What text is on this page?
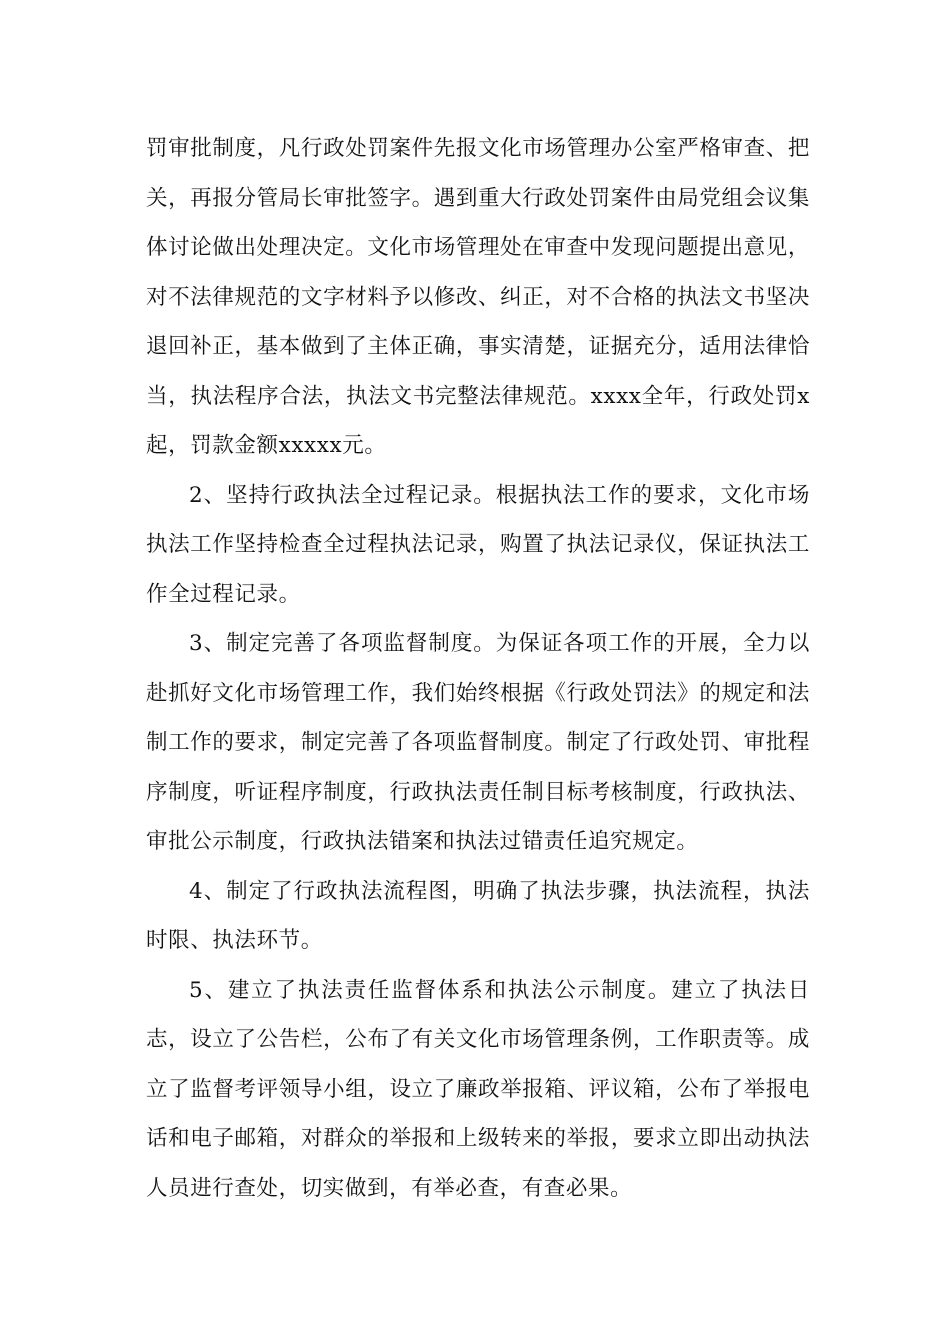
罚审批制度，凡行政处罚案件先报文化市场管理办公室严格审查、把关，再报分管局长审批签字。遇到重大行政处罚案件由局党组会议集体讨论做出处理决定。文化市场管理处在审查中发现问题提出意见，对不法律规范的文字材料予以修改、纠正，对不合格的执法文书坚决退回补正，基本做到了主体正确，事实清楚，证据充分，适用法律恰当，执法程序合法，执法文书完整法律规范。xxxx全年，行政处罚x起，罚款金额xxxxx元。

2、坚持行政执法全过程记录。根据执法工作的要求，文化市场执法工作坚持检查全过程执法记录，购置了执法记录仪，保证执法工作全过程记录。

3、制定完善了各项监督制度。为保证各项工作的开展，全力以赴抓好文化市场管理工作，我们始终根据《行政处罚法》的规定和法制工作的要求，制定完善了各项监督制度。制定了行政处罚、审批程序制度，听证程序制度，行政执法责任制目标考核制度，行政执法、审批公示制度，行政执法错案和执法过错责任追究规定。

4、制定了行政执法流程图，明确了执法步骤，执法流程，执法时限、执法环节。

5、建立了执法责任监督体系和执法公示制度。建立了执法日志，设立了公告栏，公布了有关文化市场管理条例，工作职责等。成立了监督考评领导小组，设立了廉政举报箱、评议箱，公布了举报电话和电子邮箱，对群众的举报和上级转来的举报，要求立即出动执法人员进行查处，切实做到，有举必查，有查必果。
